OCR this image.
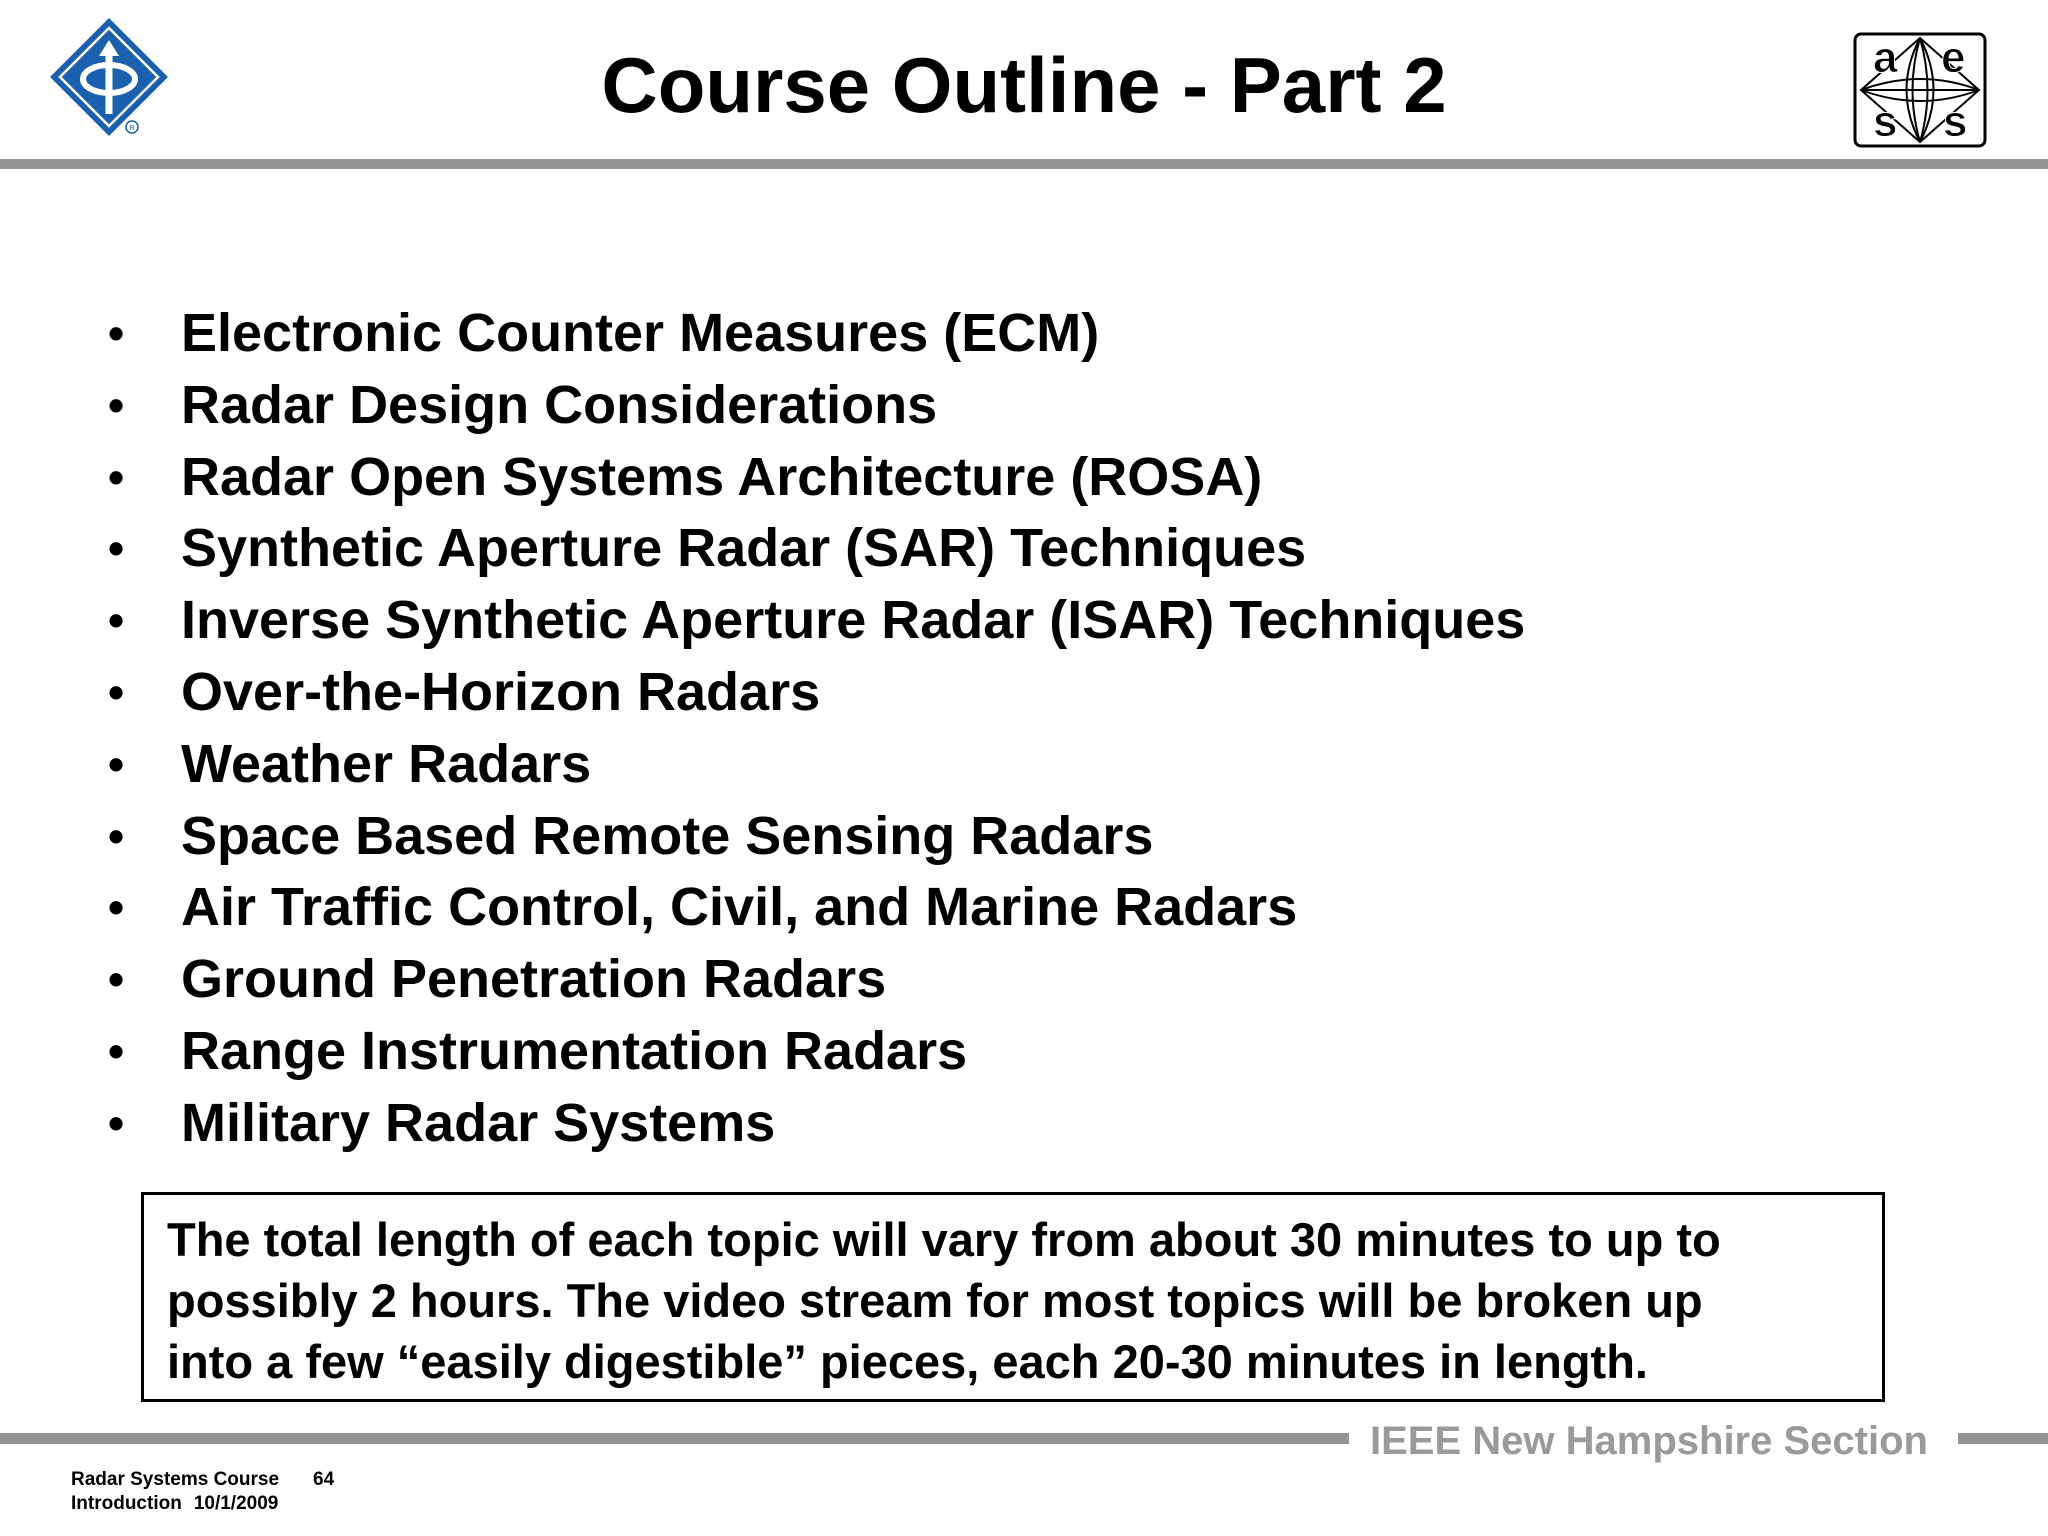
R
a e
s s
Course Outline - Part 2
• Electronic Counter Measures (ECM)
• Radar Design Considerations
• Radar Open Systems Architecture (ROSA)
• Synthetic Aperture Radar (SAR) Techniques
• Inverse Synthetic Aperture Radar (ISAR) Techniques
• Over-the-Horizon Radars
• Weather Radars
• Space Based Remote Sensing Radars
• Air Traffic Control, Civil, and Marine Radars
• Ground Penetration Radars
• Range Instrumentation Radars
• Military Radar Systems
The total length of each topic will vary from about 30 minutes to up to
possibly 2 hours. The video stream for most topics will be broken up
into a few “easily digestible” pieces, each 20-30 minutes in length.
IEEE New Hampshire Section
Radar Systems Course 64
Introduction 10/1/2009
